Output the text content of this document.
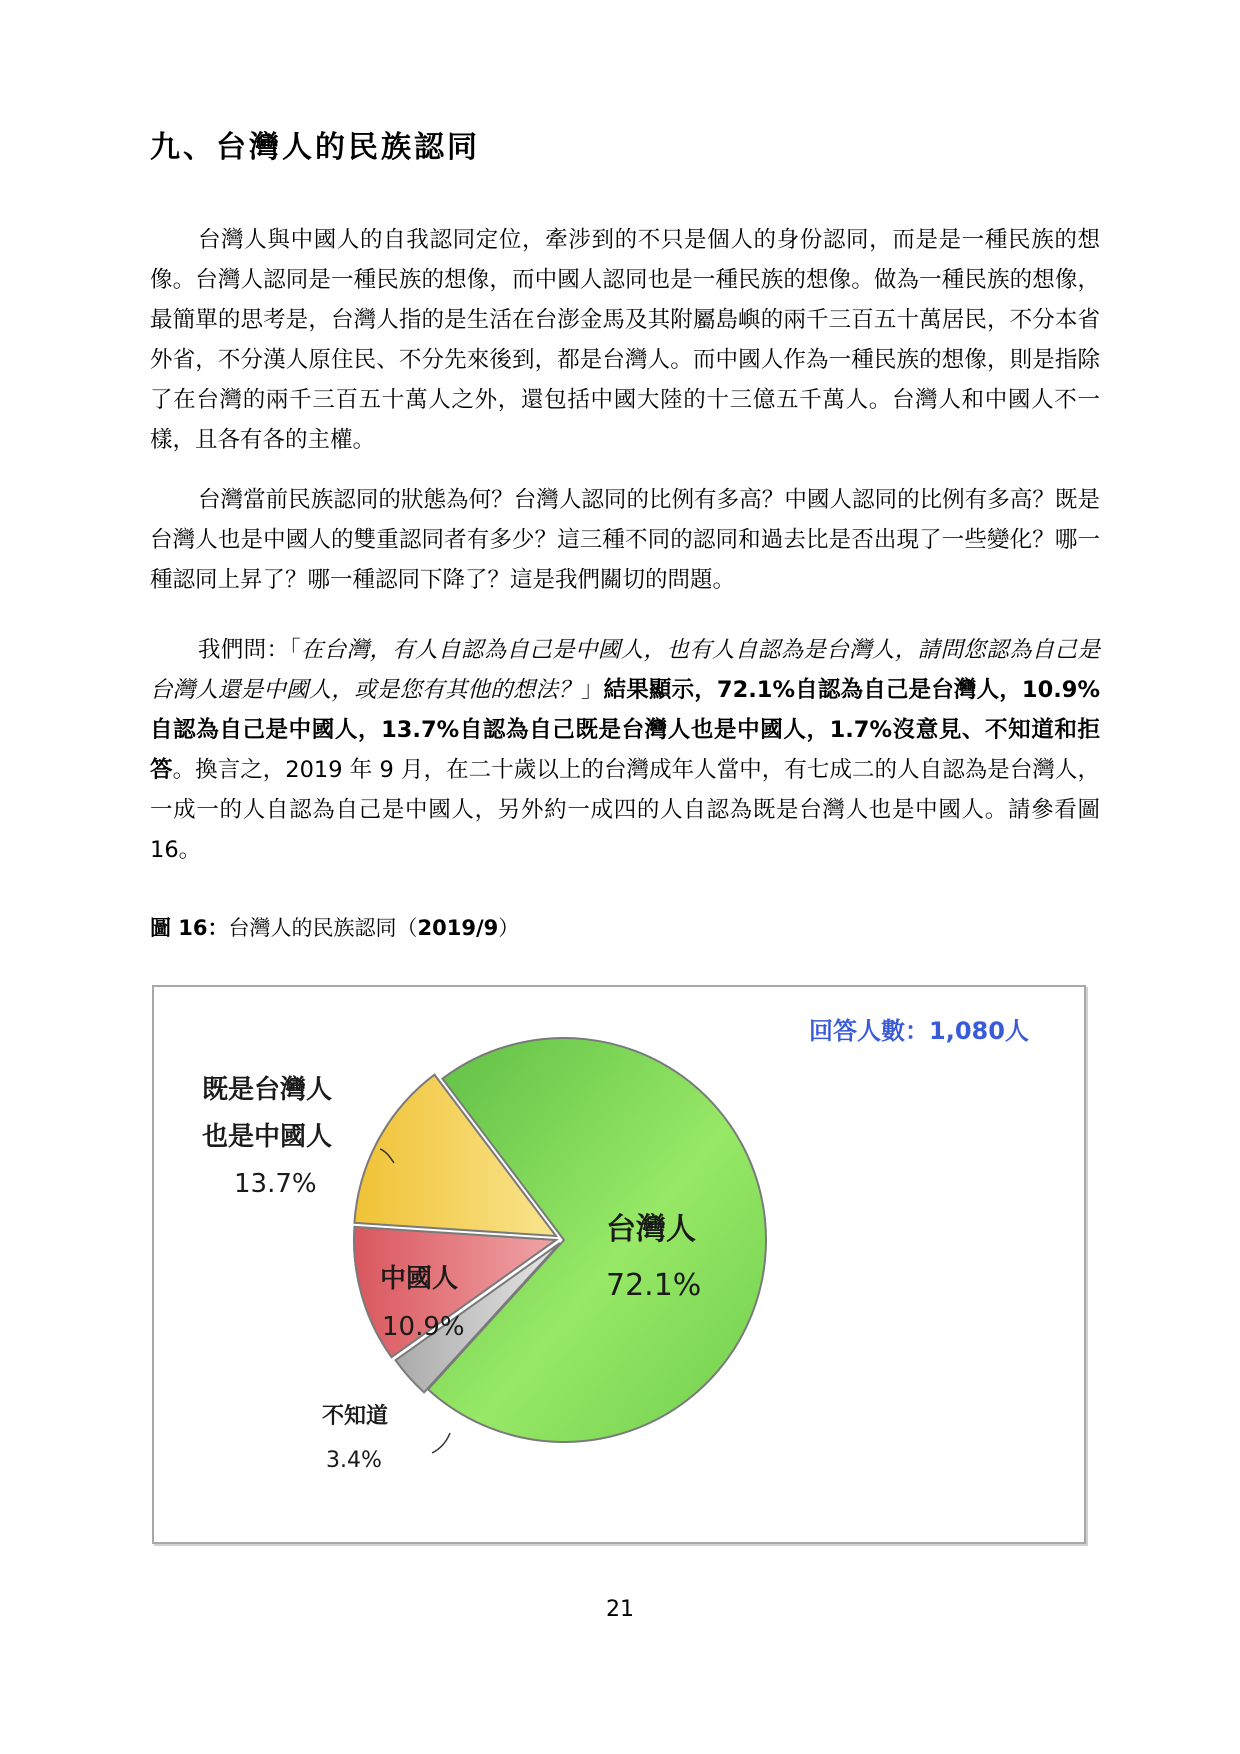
九、台灣人的民族認同

台灣人與中國人的自我認同定位，牽涉到的不只是個人的身份認同，而是是一種民族的想像。台灣人認同是一種民族的想像，而中國人認同也是一種民族的想像。做為一種民族的想像，最簡單的思考是，台灣人指的是生活在台澎金馬及其附屬島嶼的兩千三百五十萬居民，不分本省外省，不分漢人原住民、不分先來後到，都是台灣人。而中國人作為一種民族的想像，則是指除了在台灣的兩千三百五十萬人之外，還包括中國大陸的十三億五千萬人。台灣人和中國人不一樣，且各有各的主權。

台灣當前民族認同的狀態為何？台灣人認同的比例有多高？中國人認同的比例有多高？既是台灣人也是中國人的雙重認同者有多少？這三種不同的認同和過去比是否出現了一些變化？哪一種認同上昇了？哪一種認同下降了？這是我們關切的問題。

我們問：「在台灣，有人自認為自己是中國人，也有人自認為是台灣人，請問您認為自己是台灣人還是中國人，或是您有其他的想法？」結果顯示，72.1%自認為自己是台灣人，10.9%自認為自己是中國人，13.7%自認為自己既是台灣人也是中國人，1.7%沒意見、不知道和拒答。換言之，2019 年 9 月，在二十歲以上的台灣成年人當中，有七成二的人自認為是台灣人，一成一的人自認為自己是中國人，另外約一成四的人自認為既是台灣人也是中國人。請參看圖 16。

圖 16：台灣人的民族認同（2019/9）

回答人數：1,080人
既是台灣人
也是中國人
13.7%
台灣人
72.1%
中國人
10.9%
不知道
3.4%
21
